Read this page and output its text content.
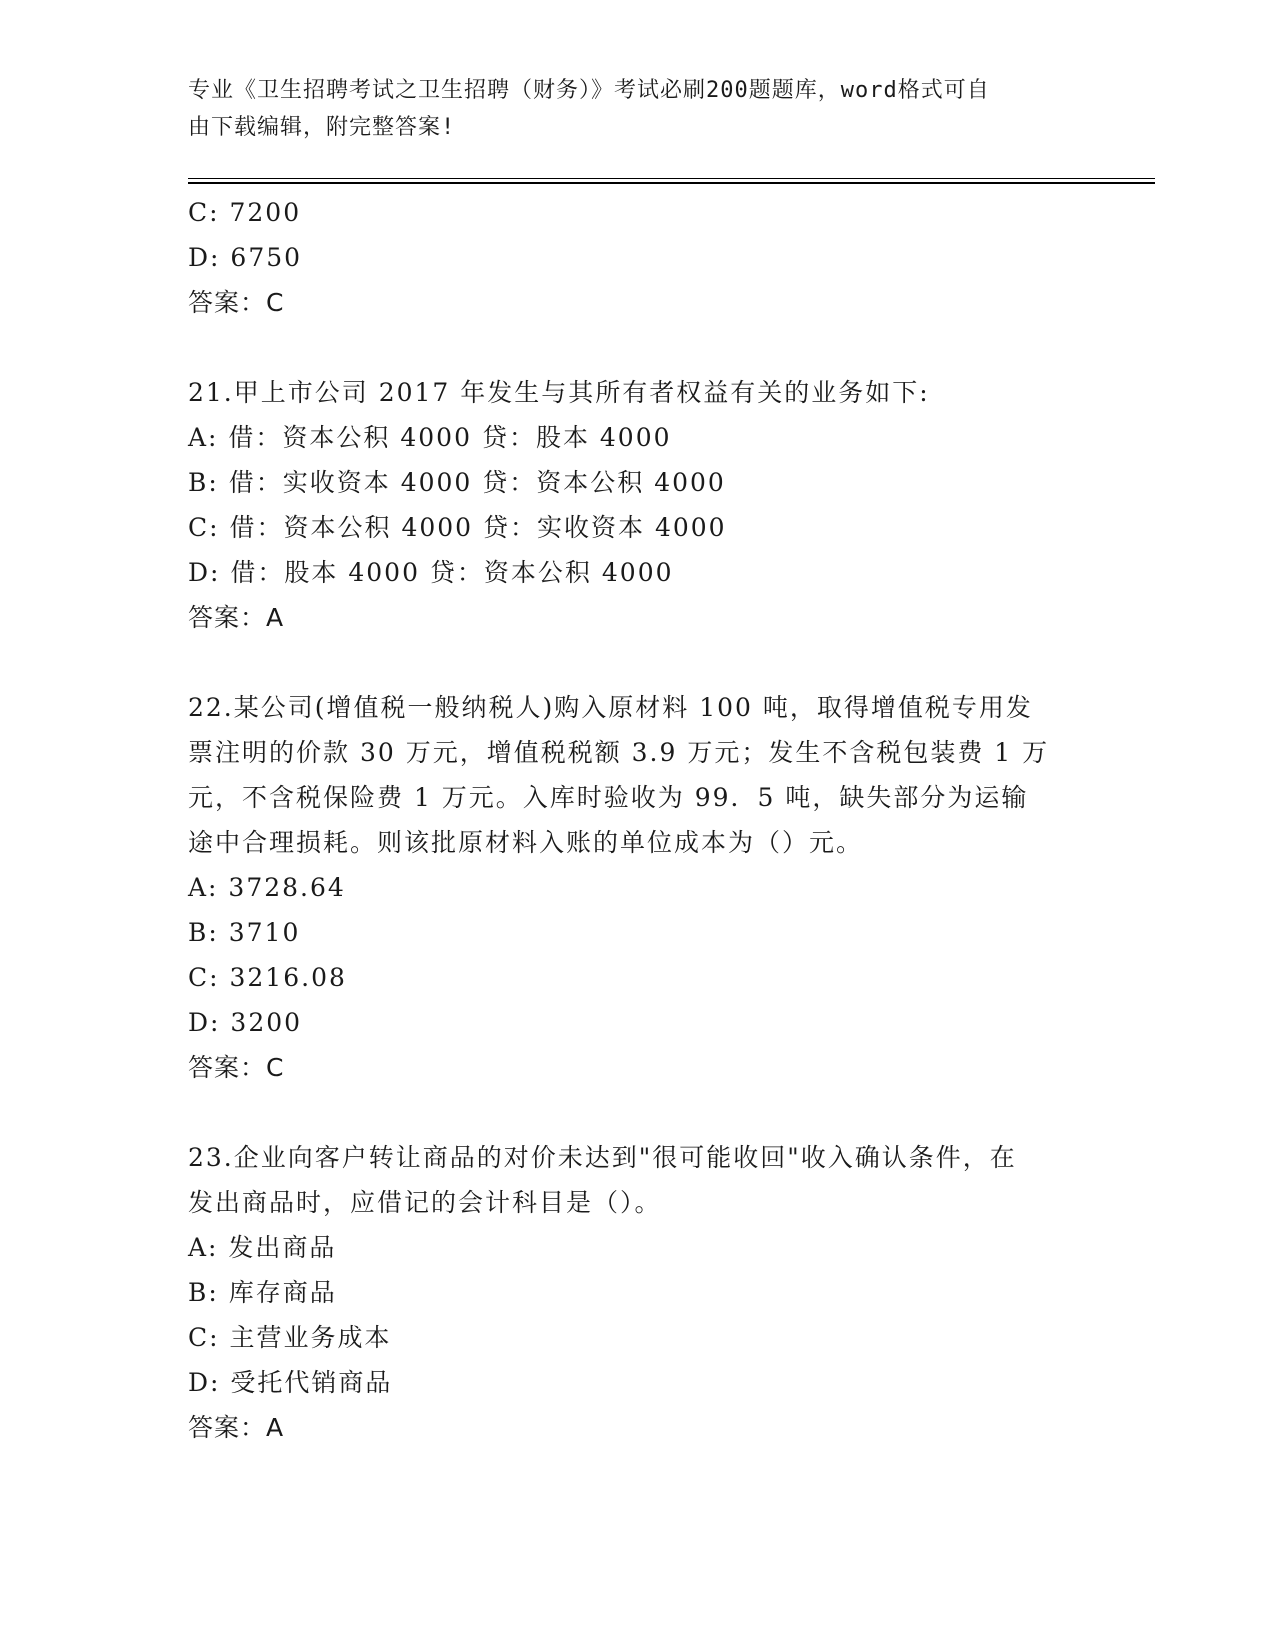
专业《卫生招聘考试之卫生招聘（财务）》考试必刷200题题库，word格式可自
由下载编辑，附完整答案!
C: 7200
D: 6750
答案：C
21.甲上市公司 2017 年发生与其所有者权益有关的业务如下:
A: 借：资本公积 4000 贷：股本 4000
B: 借：实收资本 4000 贷：资本公积 4000
C: 借：资本公积 4000 贷：实收资本 4000
D: 借：股本 4000 贷：资本公积 4000
答案：A
22.某公司(增值税一般纳税人)购入原材料 100 吨，取得增值税专用发
票注明的价款 30 万元，增值税税额 3.9 万元；发生不含税包装费 1 万
元，不含税保险费 1 万元。入库时验收为 99．5 吨，缺失部分为运输
途中合理损耗。则该批原材料入账的单位成本为（）元。
A: 3728.64
B: 3710
C: 3216.08
D: 3200
答案：C
23.企业向客户转让商品的对价未达到"很可能收回"收入确认条件，在
发出商品时，应借记的会计科目是（）。
A: 发出商品
B: 库存商品
C: 主营业务成本
D: 受托代销商品
答案：A
